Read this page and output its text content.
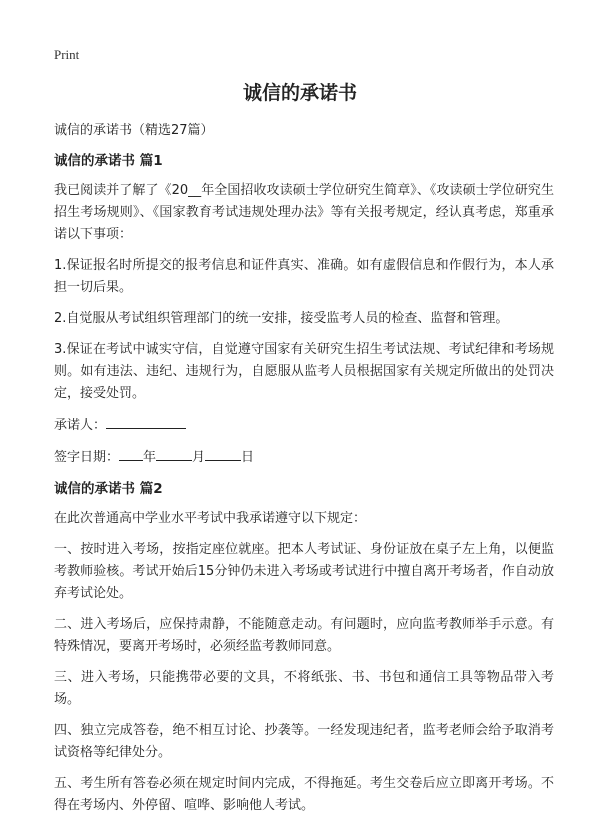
Print
诚信的承诺书

诚信的承诺书（精选27篇）

诚信的承诺书 篇1

我已阅读并了解了《20__年全国招收攻读硕士学位研究生简章》、《攻读硕士学位研究生招生考场规则》、《国家教育考试违规处理办法》等有关报考规定，经认真考虑，郑重承诺以下事项：

1.保证报名时所提交的报考信息和证件真实、准确。如有虚假信息和作假行为，本人承担一切后果。

2.自觉服从考试组织管理部门的统一安排，接受监考人员的检查、监督和管理。

3.保证在考试中诚实守信，自觉遵守国家有关研究生招生考试法规、考试纪律和考场规则。如有违法、违纪、违规行为，自愿服从监考人员根据国家有关规定所做出的处罚决定，接受处罚。

承诺人：

签字日期： 年	月	日

诚信的承诺书 篇2

在此次普通高中学业水平考试中我承诺遵守以下规定：

一、按时进入考场，按指定座位就座。把本人考试证、身份证放在桌子左上角，以便监考教师验核。考试开始后15分钟仍未进入考场或考试进行中擅自离开考场者，作自动放弃考试论处。

二、进入考场后，应保持肃静，不能随意走动。有问题时，应向监考教师举手示意。有特殊情况，要离开考场时，必须经监考教师同意。

三、进入考场，只能携带必要的文具，不将纸张、书、书包和通信工具等物品带入考场。

四、独立完成答卷，绝不相互讨论、抄袭等。一经发现违纪者，监考老师会给予取消考试资格等纪律处分。

五、考生所有答卷必须在规定时间内完成，不得拖延。考生交卷后应立即离开考场。不得在考场内、外停留、喧哗、影响他人考试。
